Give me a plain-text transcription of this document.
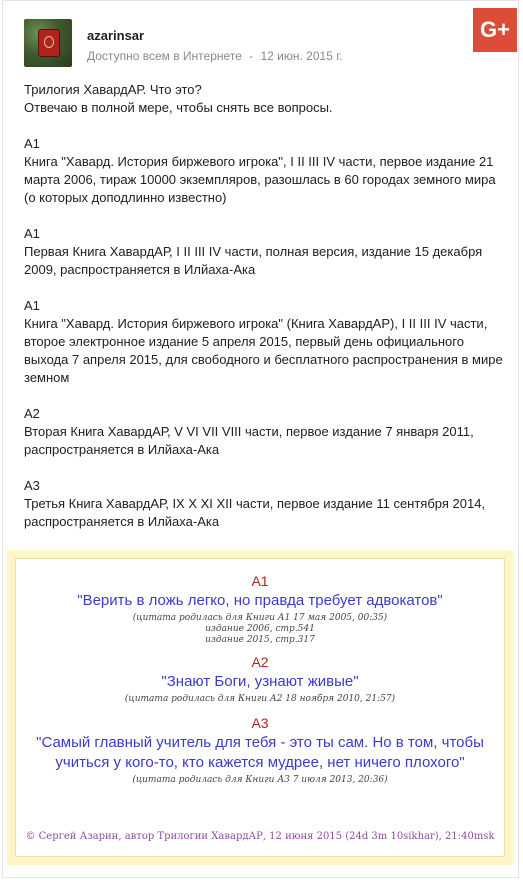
azarinsar
Доступно всем в Интернете - 12 июн. 2015 г.
G+

Трилогия ХавардАР. Что это?

Отвечаю в полной мере, чтобы снять все вопросы.

А1

Книга "Хавард. История биржевого игрока", I II III IV части, первое издание 21 марта 2006, тираж 10000 экземпляров, разошлась в 60 городах земного мира (о которых доподлинно известно)

А1

Первая Книга ХавардАР, I II III IV части, полная версия, издание 15 декабря 2009, распространяется в Илйаха-Ака

А1

Книга "Хавард. История биржевого игрока" (Книга ХавардАР), I II III IV части, второе электронное издание 5 апреля 2015, первый день официального выхода 7 апреля 2015, для свободного и бесплатного распространения в мире земном

А2

Вторая Книга ХавардАР, V VI VII VIII части, первое издание 7 января 2011, распространяется в Илйаха-Ака

А3

Третья Книга ХавардАР, IX X XI XII части, первое издание 11 сентября 2014, распространяется в Илйаха-Ака

А1
"Верить в ложь легко, но правда требует адвокатов"
(цитата родилась для Книги А1 17 мая 2005, 00:35)
издание 2006, стр.541
издание 2015, стр.317
А2
"Знают Боги, узнают живые"
(цитата родилась для Книги А2 18 ноября 2010, 21:57)
А3
"Самый главный учитель для тебя - это ты сам. Но в том, чтобы
учиться у кого-то, кто кажется мудрее, нет ничего плохого"
(цитата родилась для Книги А3 7 июля 2013, 20:36)
© Сергей Азарин, автор Трилогии ХавардАР, 12 июня 2015 (24d 3m 10sikhar), 21:40msk
